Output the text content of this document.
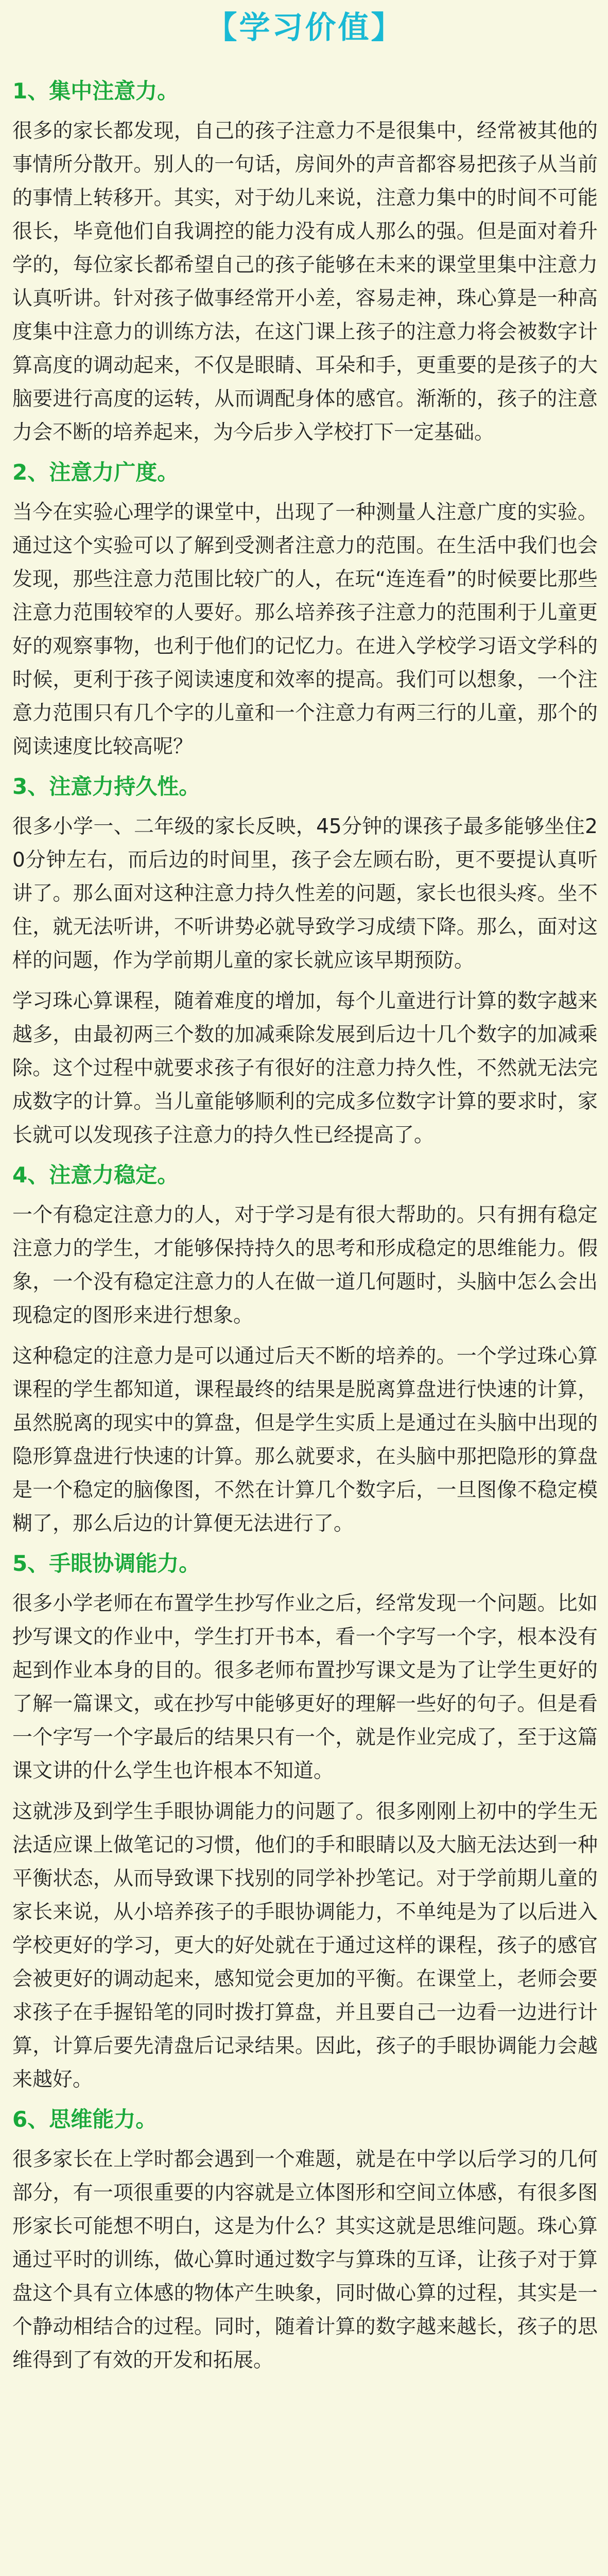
【学习价值】
1、集中注意力。

很多的家长都发现，自己的孩子注意力不是很集中，经常被其他的事情所分散开。别人的一句话，房间外的声音都容易把孩子从当前的事情上转移开。其实，对于幼儿来说，注意力集中的时间不可能很长，毕竟他们自我调控的能力没有成人那么的强。但是面对着升学的，每位家长都希望自己的孩子能够在未来的课堂里集中注意力认真听讲。针对孩子做事经常开小差，容易走神，珠心算是一种高度集中注意力的训练方法，在这门课上孩子的注意力将会被数字计算高度的调动起来，不仅是眼睛、耳朵和手，更重要的是孩子的大脑要进行高度的运转，从而调配身体的感官。渐渐的，孩子的注意力会不断的培养起来，为今后步入学校打下一定基础。

2、注意力广度。

当今在实验心理学的课堂中，出现了一种测量人注意广度的实验。通过这个实验可以了解到受测者注意力的范围。在生活中我们也会发现，那些注意力范围比较广的人，在玩“连连看”的时候要比那些注意力范围较窄的人要好。那么培养孩子注意力的范围利于儿童更好的观察事物，也利于他们的记忆力。在进入学校学习语文学科的时候，更利于孩子阅读速度和效率的提高。我们可以想象，一个注意力范围只有几个字的儿童和一个注意力有两三行的儿童，那个的阅读速度比较高呢？

3、注意力持久性。

很多小学一、二年级的家长反映，45分钟的课孩子最多能够坐住20分钟左右，而后边的时间里，孩子会左顾右盼，更不要提认真听讲了。那么面对这种注意力持久性差的问题，家长也很头疼。坐不住，就无法听讲，不听讲势必就导致学习成绩下降。那么，面对这样的问题，作为学前期儿童的家长就应该早期预防。

学习珠心算课程，随着难度的增加，每个儿童进行计算的数字越来越多，由最初两三个数的加减乘除发展到后边十几个数字的加减乘除。这个过程中就要求孩子有很好的注意力持久性，不然就无法完成数字的计算。当儿童能够顺利的完成多位数字计算的要求时，家长就可以发现孩子注意力的持久性已经提高了。

4、注意力稳定。

一个有稳定注意力的人，对于学习是有很大帮助的。只有拥有稳定注意力的学生，才能够保持持久的思考和形成稳定的思维能力。假象，一个没有稳定注意力的人在做一道几何题时，头脑中怎么会出现稳定的图形来进行想象。

这种稳定的注意力是可以通过后天不断的培养的。一个学过珠心算课程的学生都知道，课程最终的结果是脱离算盘进行快速的计算，虽然脱离的现实中的算盘，但是学生实质上是通过在头脑中出现的隐形算盘进行快速的计算。那么就要求，在头脑中那把隐形的算盘是一个稳定的脑像图，不然在计算几个数字后，一旦图像不稳定模糊了，那么后边的计算便无法进行了。

5、手眼协调能力。

很多小学老师在布置学生抄写作业之后，经常发现一个问题。比如抄写课文的作业中，学生打开书本，看一个字写一个字，根本没有起到作业本身的目的。很多老师布置抄写课文是为了让学生更好的了解一篇课文，或在抄写中能够更好的理解一些好的句子。但是看一个字写一个字最后的结果只有一个，就是作业完成了，至于这篇课文讲的什么学生也许根本不知道。

这就涉及到学生手眼协调能力的问题了。很多刚刚上初中的学生无法适应课上做笔记的习惯，他们的手和眼睛以及大脑无法达到一种平衡状态，从而导致课下找别的同学补抄笔记。对于学前期儿童的家长来说，从小培养孩子的手眼协调能力，不单纯是为了以后进入学校更好的学习，更大的好处就在于通过这样的课程，孩子的感官会被更好的调动起来，感知觉会更加的平衡。在课堂上，老师会要求孩子在手握铅笔的同时拨打算盘，并且要自己一边看一边进行计算，计算后要先清盘后记录结果。因此，孩子的手眼协调能力会越来越好。

6、思维能力。

很多家长在上学时都会遇到一个难题，就是在中学以后学习的几何部分，有一项很重要的内容就是立体图形和空间立体感，有很多图形家长可能想不明白，这是为什么？其实这就是思维问题。珠心算通过平时的训练，做心算时通过数字与算珠的互译，让孩子对于算盘这个具有立体感的物体产生映象，同时做心算的过程，其实是一个静动相结合的过程。同时，随着计算的数字越来越长，孩子的思维得到了有效的开发和拓展。
